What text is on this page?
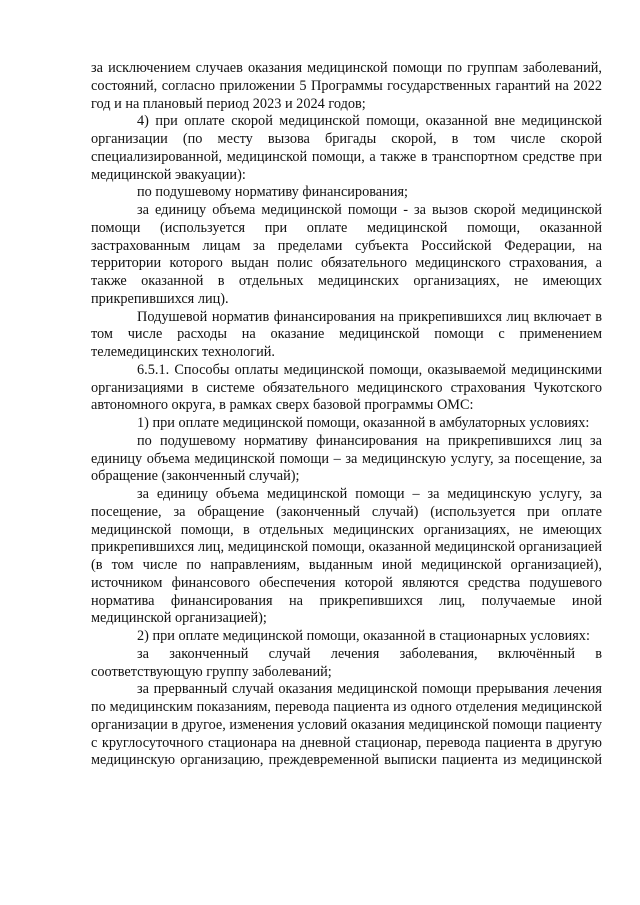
за исключением случаев оказания медицинской помощи по группам заболеваний, состояний, согласно приложении 5 Программы государственных гарантий на 2022 год и на плановый период 2023 и 2024 годов;

4) при оплате скорой медицинской помощи, оказанной вне медицинской организации (по месту вызова бригады скорой, в том числе скорой специализированной, медицинской помощи, а также в транспортном средстве при медицинской эвакуации):

по подушевому нормативу финансирования;

за единицу объема медицинской помощи - за вызов скорой медицинской помощи (используется при оплате медицинской помощи, оказанной застрахованным лицам за пределами субъекта Российской Федерации, на территории которого выдан полис обязательного медицинского страхования, а также оказанной в отдельных медицинских организациях, не имеющих прикрепившихся лиц).

Подушевой норматив финансирования на прикрепившихся лиц включает в том числе расходы на оказание медицинской помощи с применением телемедицинских технологий.

6.5.1. Способы оплаты медицинской помощи, оказываемой медицинскими организациями в системе обязательного медицинского страхования Чукотского автономного округа, в рамках сверх базовой программы ОМС:

1) при оплате медицинской помощи, оказанной в амбулаторных условиях:

по подушевому нормативу финансирования на прикрепившихся лиц за единицу объема медицинской помощи – за медицинскую услугу, за посещение, за обращение (законченный случай);

за единицу объема медицинской помощи – за медицинскую услугу, за посещение, за обращение (законченный случай) (используется при оплате медицинской помощи, в отдельных медицинских организациях, не имеющих прикрепившихся лиц, медицинской помощи, оказанной медицинской организацией (в том числе по направлениям, выданным иной медицинской организацией), источником финансового обеспечения которой являются средства подушевого норматива финансирования на прикрепившихся лиц, получаемые иной медицинской организацией);

2) при оплате медицинской помощи, оказанной в стационарных условиях:

за законченный случай лечения заболевания, включённый в соответствующую группу заболеваний;

за прерванный случай оказания медицинской помощи прерывания лечения по медицинским показаниям, перевода пациента из одного отделения медицинской организации в другое, изменения условий оказания медицинской помощи пациенту с круглосуточного стационара на дневной стационар, перевода пациента в другую медицинскую организацию, преждевременной выписки пациента из медицинской
